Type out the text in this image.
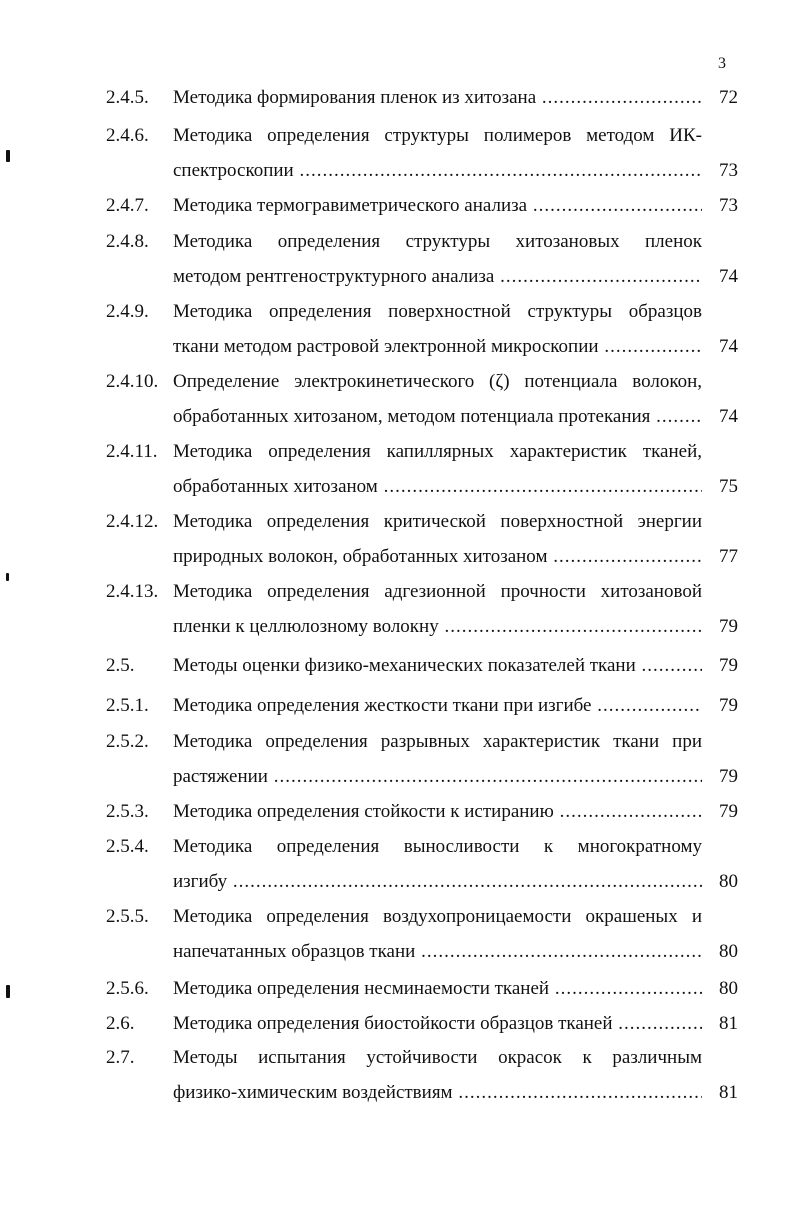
3
2.4.5. Методика формирования пленок из хитозана .....	72
2.4.6. Методика определения структуры полимеров методом ИК-
спектроскопии .....	73
2.4.7. Методика термогравиметрического анализа .....	73
2.4.8. Методика определения структуры хитозановых пленок
методом рентгеноструктурного анализа .....	74
2.4.9. Методика определения поверхностной структуры образцов
ткани методом растровой электронной микроскопии .....	74
2.4.10. Определение электрокинетического (ζ) потенциала волокон,
обработанных хитозаном, методом потенциала протекания .....	74
2.4.11. Методика определения капиллярных характеристик тканей,
обработанных хитозаном .....	75
2.4.12. Методика определения критической поверхностной энергии
природных волокон, обработанных хитозаном .....	77
2.4.13. Методика определения адгезионной прочности хитозановой
пленки к целлюлозному волокну .....	79
2.5. Методы оценки физико-механических показателей ткани .....	79
2.5.1. Методика определения жесткости ткани при изгибе .....	79
2.5.2. Методика определения разрывных характеристик ткани при
растяжении .....	79
2.5.3. Методика определения стойкости к истиранию .....	79
2.5.4. Методика определения выносливости к многократному
изгибу .....	80
2.5.5. Методика определения воздухопроницаемости окрашеных и
напечатанных образцов ткани .....	80
2.5.6. Методика определения несминаемости тканей .....	80
2.6. Методика определения биостойкости образцов тканей .....	81
2.7. Методы испытания устойчивости окрасок к различным
физико-химическим воздействиям .....	81
